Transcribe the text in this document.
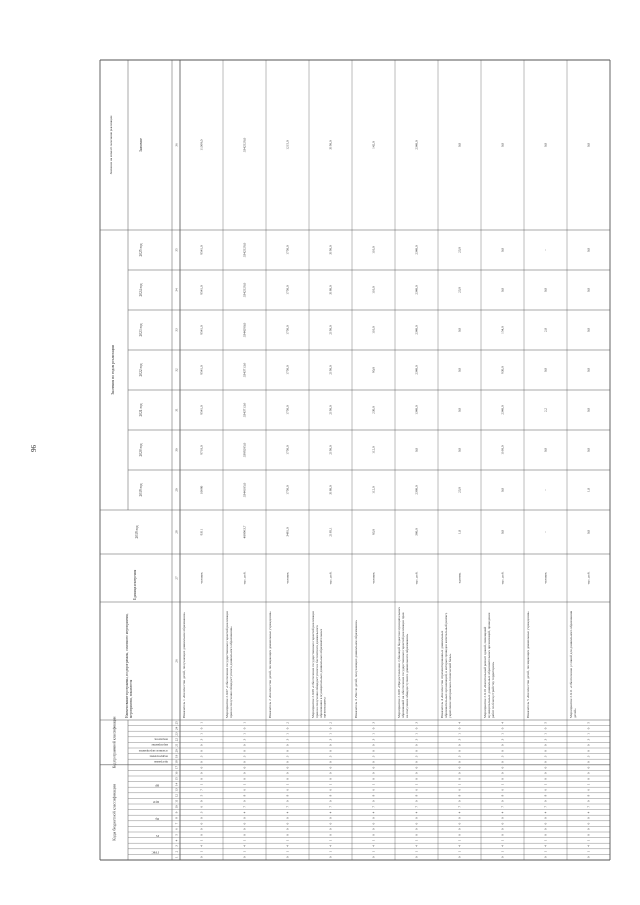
96
Коды бюджетной классификации
Код программной классификации
Наименование программы, подпрограммы, основного мероприятия, мероприятия, показателя
Единица измерения
2019 год
Значения по годам реализации
Значение на момент окончания реализации	Значение
2019 год
2020 год
2021 год
2022 год
2023 год
2024 год
2025 год
ГРБС
Рз
Пр
ЦСР
ВР
программа
подпрограмма
основное мероприятие
мероприятие
показатель
1
2
3
4
5
6
7
8
9
10
11
12
13
14
15
16
17
18
19
20
21
22
23
24
25
26
27
28
29
30
31
32
33
34
35
36
0
1
4
1
0
0
0
0
3
6
9
5
7
1
0
0
0
0
3
0
0
3
1
0
1
Показатель 1 «Количество детей, получающих дошкольное образование»
человек
9311
10680
9710,0
9541,0
9541,0
9541,0
9541,0
9541,0
11368,0
0
1
4
1
0
0
0
0
4
7
0
8
6
1
0
0
0
0
3
0
0
3
1
0
1
Мероприятие 2.0.07 «Обеспечение государственных гарантий реализации прав на получение общедоступного дошкольного образования»
тыс. руб.
408963,7
3344105,0
3389285,0
3343713,6
3343713,6
3344290,0
3342529,0
3342529,0
3342529,0
0
1
4
1
0
0
0
0
4
7
0
8
6
1
0
0
0
0
3
0
0
3
1
0
2
Показатель 2 «Количество детей, посещающих дошкольные учреждения»
человек
3481,0
1750,0
1750,0
1750,0
1750,0
1750,0
1750,0
1750,0
1215,0
0
1
4
1
0
0
0
0
4
7
0
8
6
1
0
0
0
0
3
0
0
3
1
0
2
Мероприятие 2.0.08 «Обеспечение государственных гарантий реализации прав на получение общедоступного и бесплатного дошкольного образования в муниципальных дошкольных образовательных организациях»
тыс. руб.
2185,1
3180,0
2190,0
2190,0
2190,0
2190,0
3180,0
3190,0
3190,0
0
1
4
1
0
0
0
0
4
7
0
8
6
1
0
0
0
0
3
0
0
3
1
0
3
Показатель 3 «Число детей, получающих дошкольное образование»
человек
83,0
112,0
112,0
230,0
90,0
110,0
110,0
110,0
142,0
0
1
4
1
0
0
0
0
4
7
0
8
6
1
0
0
0
0
3
0
0
3
1
0
3
Мероприятие 2.0.09 «Предоставление субвенций бюджетам муниципальных образований на обеспечение государственных гарантий реализации прав на получение общедоступного дошкольного образования»
тыс. руб.
360,0
2360,0
0,0
1340,0
2340,0
2340,0
2340,0
2340,0
2340,0
0
1
4
1
0
0
0
0
4
7
0
8
6
1
0
0
0
0
3
0
0
3
1
0
4
Показатель 4 «Количество отремонтированных дошкольных образовательных организаций, в которых проведен капитальный ремонт, укрепление материально-технической базы»
единиц
1,0
23,0
0,0
0,0
0,0
0,0
23,0
23,0
0,0
0
1
4
1
0
0
0
0
4
7
0
8
6
1
0
0
0
0
3
0
0
3
1
0
4
Мероприятие 2.0.10 «Капитальный ремонт зданий, помещений муниципальных дошкольных образовательных организаций, проведение работ по благоустройству территории»
тыс. руб.
0,0
0,0
1160,0
2340,0
930,0
154,0
0,0
0,0
0,0
0
1
4
1
0
0
0
0
4
7
0
8
6
1
0
0
0
0
3
0
0
3
1
0
5
Показатель 5 «Количество детей, посещающих дошкольные учреждения»
человек
–
–
0,0
2,2
0,0
2,0
0,0
–
0,0
0
1
4
1
0
0
0
0
4
7
0
8
6
1
0
0
0
0
3
0
0
3
1
0
5
Мероприятие 2.0.11 «Обеспечение условий для дошкольного образования детей»
тыс. руб.
0,0
1,0
0,0
0,0
0,0
0,0
0,0
0,0
0,0
